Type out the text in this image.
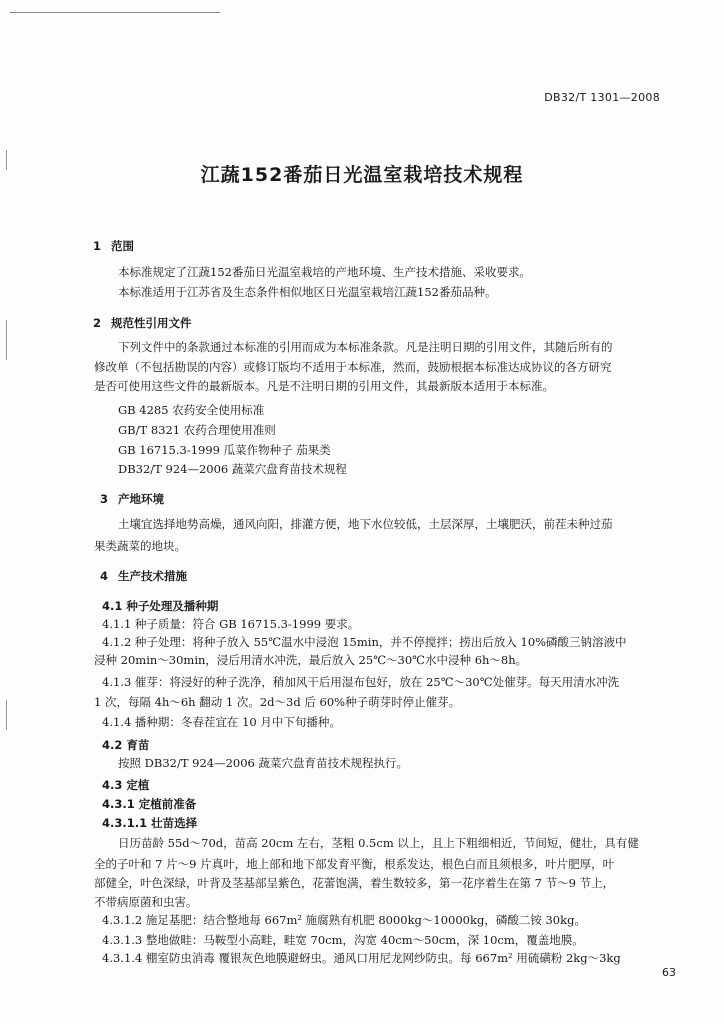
DB32/T 1301—2008
江蔬152番茄日光温室栽培技术规程
1 范围
本标准规定了江蔬152番茄日光温室栽培的产地环境、生产技术措施、采收要求。
本标准适用于江苏省及生态条件相似地区日光温室栽培江蔬152番茄品种。
2 规范性引用文件
下列文件中的条款通过本标准的引用而成为本标准条款。凡是注明日期的引用文件，其随后所有的
修改单（不包括勘误的内容）或修订版均不适用于本标准，然而，鼓励根据本标准达成协议的各方研究
是否可使用这些文件的最新版本。凡是不注明日期的引用文件，其最新版本适用于本标准。
GB 4285 农药安全使用标准
GB/T 8321 农药合理使用准则
GB 16715.3-1999 瓜菜作物种子 茄果类
DB32/T 924—2006 蔬菜穴盘育苗技术规程
3 产地环境
土壤宜选择地势高燥，通风向阳，排灌方便，地下水位较低，土层深厚，土壤肥沃，前茬未种过茄
果类蔬菜的地块。
4 生产技术措施
4.1 种子处理及播种期
4.1.1 种子质量：符合 GB 16715.3-1999 要求。
4.1.2 种子处理：将种子放入 55℃温水中浸泡 15min，并不停搅拌；捞出后放入 10%磷酸三钠溶液中
浸种 20min～30min，浸后用清水冲洗，最后放入 25℃～30℃水中浸种 6h～8h。
4.1.3 催芽：将浸好的种子洗净，稍加风干后用湿布包好，放在 25℃～30℃处催芽。每天用清水冲洗
1 次，每隔 4h～6h 翻动 1 次。2d～3d 后 60%种子萌芽时停止催芽。
4.1.4 播种期：冬春茬宜在 10 月中下旬播种。
4.2 育苗
按照 DB32/T 924—2006 蔬菜穴盘育苗技术规程执行。
4.3 定植
4.3.1 定植前准备
4.3.1.1 壮苗选择
日历苗龄 55d～70d，苗高 20cm 左右，茎粗 0.5cm 以上，且上下粗细相近，节间短，健壮，具有健
全的子叶和 7 片～9 片真叶，地上部和地下部发育平衡，根系发达，根色白而且须根多，叶片肥厚，叶
部健全，叶色深绿，叶背及茎基部呈紫色，花蕾饱满，着生数较多，第一花序着生在第 7 节～9 节上，
不带病原菌和虫害。
4.3.1.2 施足基肥：结合整地每 667m² 施腐熟有机肥 8000kg～10000kg，磷酸二铵 30kg。
4.3.1.3 整地做畦：马鞍型小高畦，畦宽 70cm，沟宽 40cm～50cm，深 10cm，覆盖地膜。
4.3.1.4 棚室防虫消毒 覆银灰色地膜避蚜虫。通风口用尼龙网纱防虫。每 667m² 用硫磺粉 2kg～3kg
63
